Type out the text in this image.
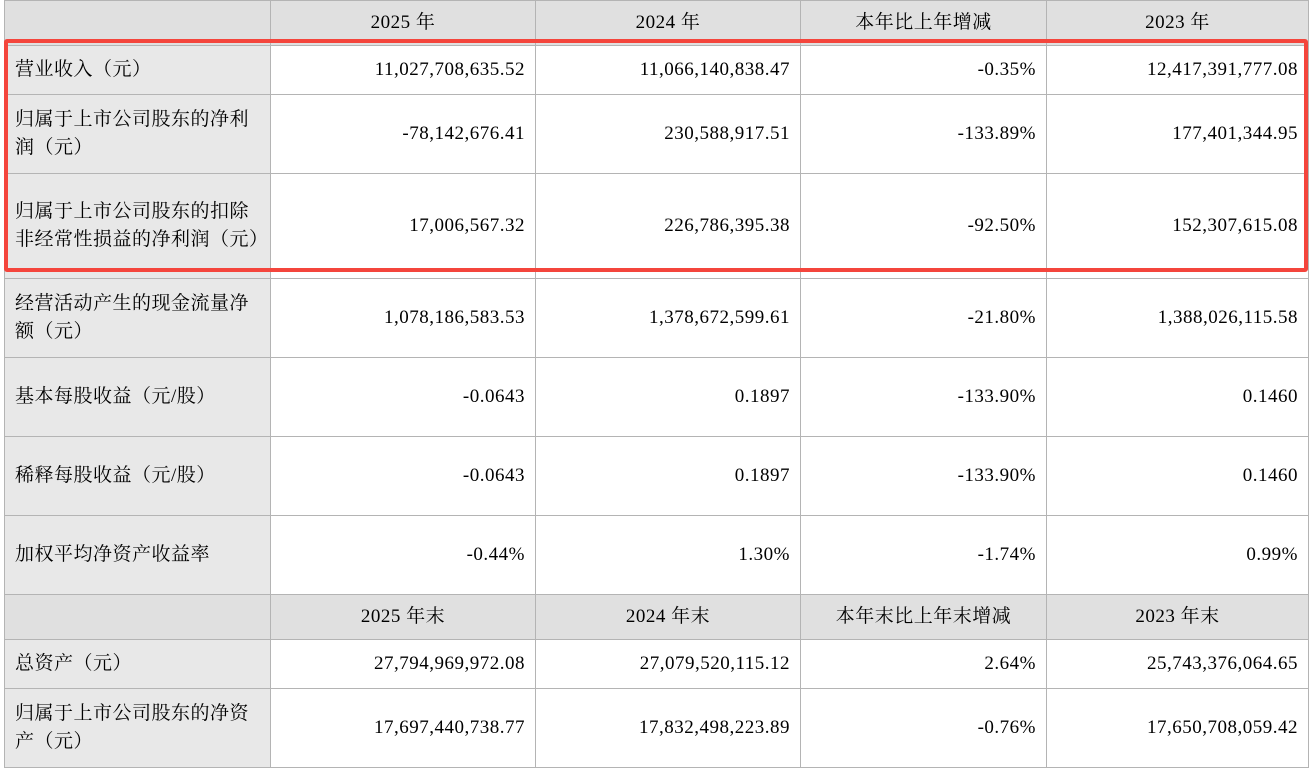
	2025 年	2024 年	本年比上年增减	2023 年
营业收入（元）	11,027,708,635.52	11,066,140,838.47	-0.35%	12,417,391,777.08
归属于上市公司股东的净利润（元）	-78,142,676.41	230,588,917.51	-133.89%	177,401,344.95
归属于上市公司股东的扣除非经常性损益的净利润（元）	17,006,567.32	226,786,395.38	-92.50%	152,307,615.08
经营活动产生的现金流量净额（元）	1,078,186,583.53	1,378,672,599.61	-21.80%	1,388,026,115.58
基本每股收益（元/股）	-0.0643	0.1897	-133.90%	0.1460
稀释每股收益（元/股）	-0.0643	0.1897	-133.90%	0.1460
加权平均净资产收益率	-0.44%	1.30%	-1.74%	0.99%
	2025 年末	2024 年末	本年末比上年末增减	2023 年末
总资产（元）	27,794,969,972.08	27,079,520,115.12	2.64%	25,743,376,064.65
归属于上市公司股东的净资产（元）	17,697,440,738.77	17,832,498,223.89	-0.76%	17,650,708,059.42
